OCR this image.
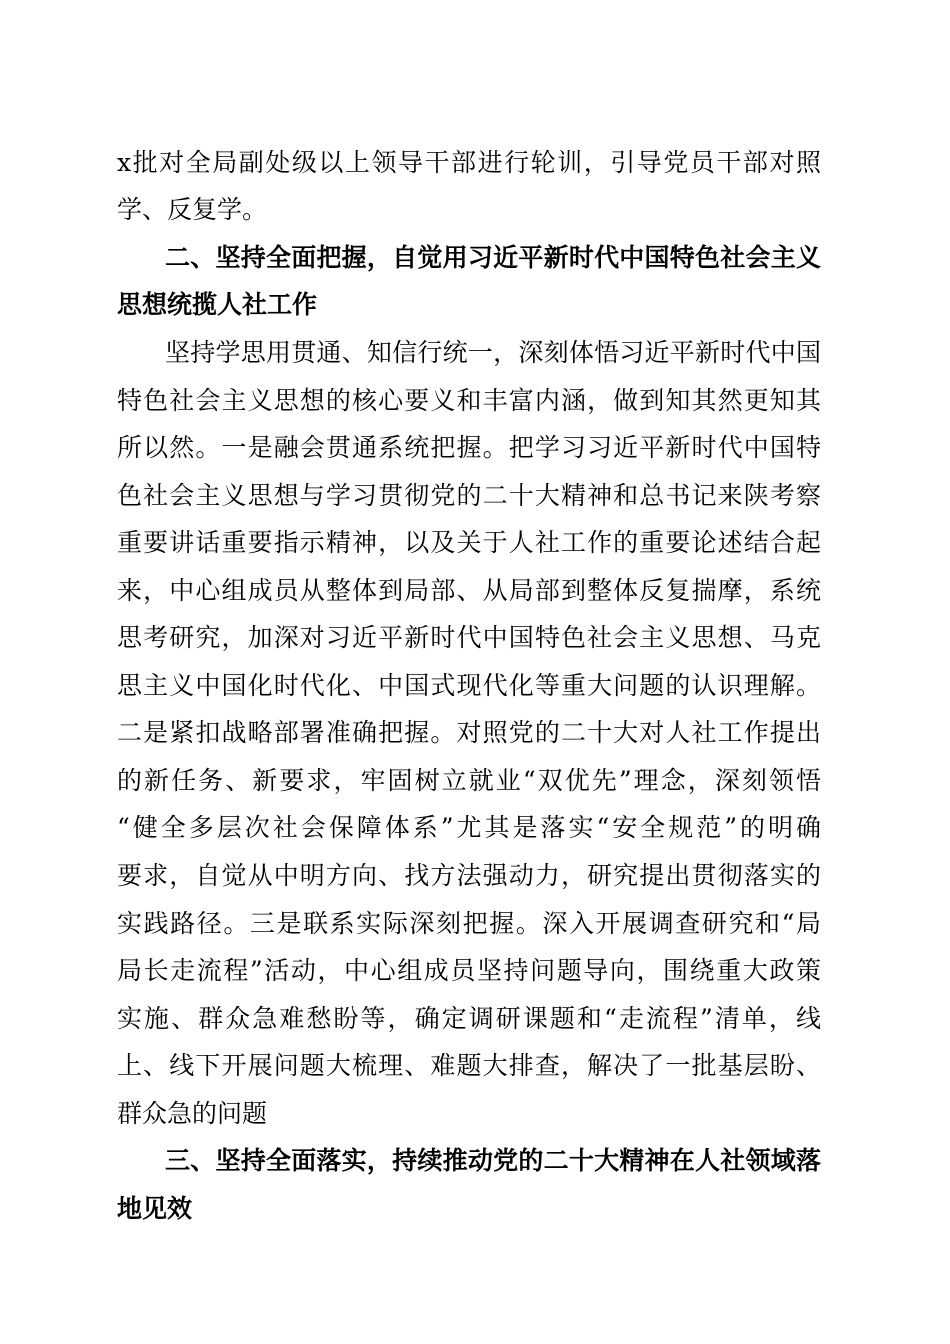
x批对全局副处级以上领导干部进行轮训，引导党员干部对照
学、反复学。
二、坚持全面把握，自觉用习近平新时代中国特色社会主义
思想统揽人社工作
坚持学思用贯通、知信行统一，深刻体悟习近平新时代中国
特色社会主义思想的核心要义和丰富内涵，做到知其然更知其
所以然。一是融会贯通系统把握。把学习习近平新时代中国特
色社会主义思想与学习贯彻党的二十大精神和总书记来陕考察
重要讲话重要指示精神，以及关于人社工作的重要论述结合起
来，中心组成员从整体到局部、从局部到整体反复揣摩，系统
思考研究，加深对习近平新时代中国特色社会主义思想、马克
思主义中国化时代化、中国式现代化等重大问题的认识理解。
二是紧扣战略部署准确把握。对照党的二十大对人社工作提出
的新任务、新要求，牢固树立就业“双优先”理念，深刻领悟
“健全多层次社会保障体系”尤其是落实“安全规范”的明确
要求，自觉从中明方向、找方法强动力，研究提出贯彻落实的
实践路径。三是联系实际深刻把握。深入开展调查研究和“局
局长走流程”活动，中心组成员坚持问题导向，围绕重大政策
实施、群众急难愁盼等，确定调研课题和“走流程”清单，线
上、线下开展问题大梳理、难题大排查，解决了一批基层盼、
群众急的问题
三、坚持全面落实，持续推动党的二十大精神在人社领域落
地见效
